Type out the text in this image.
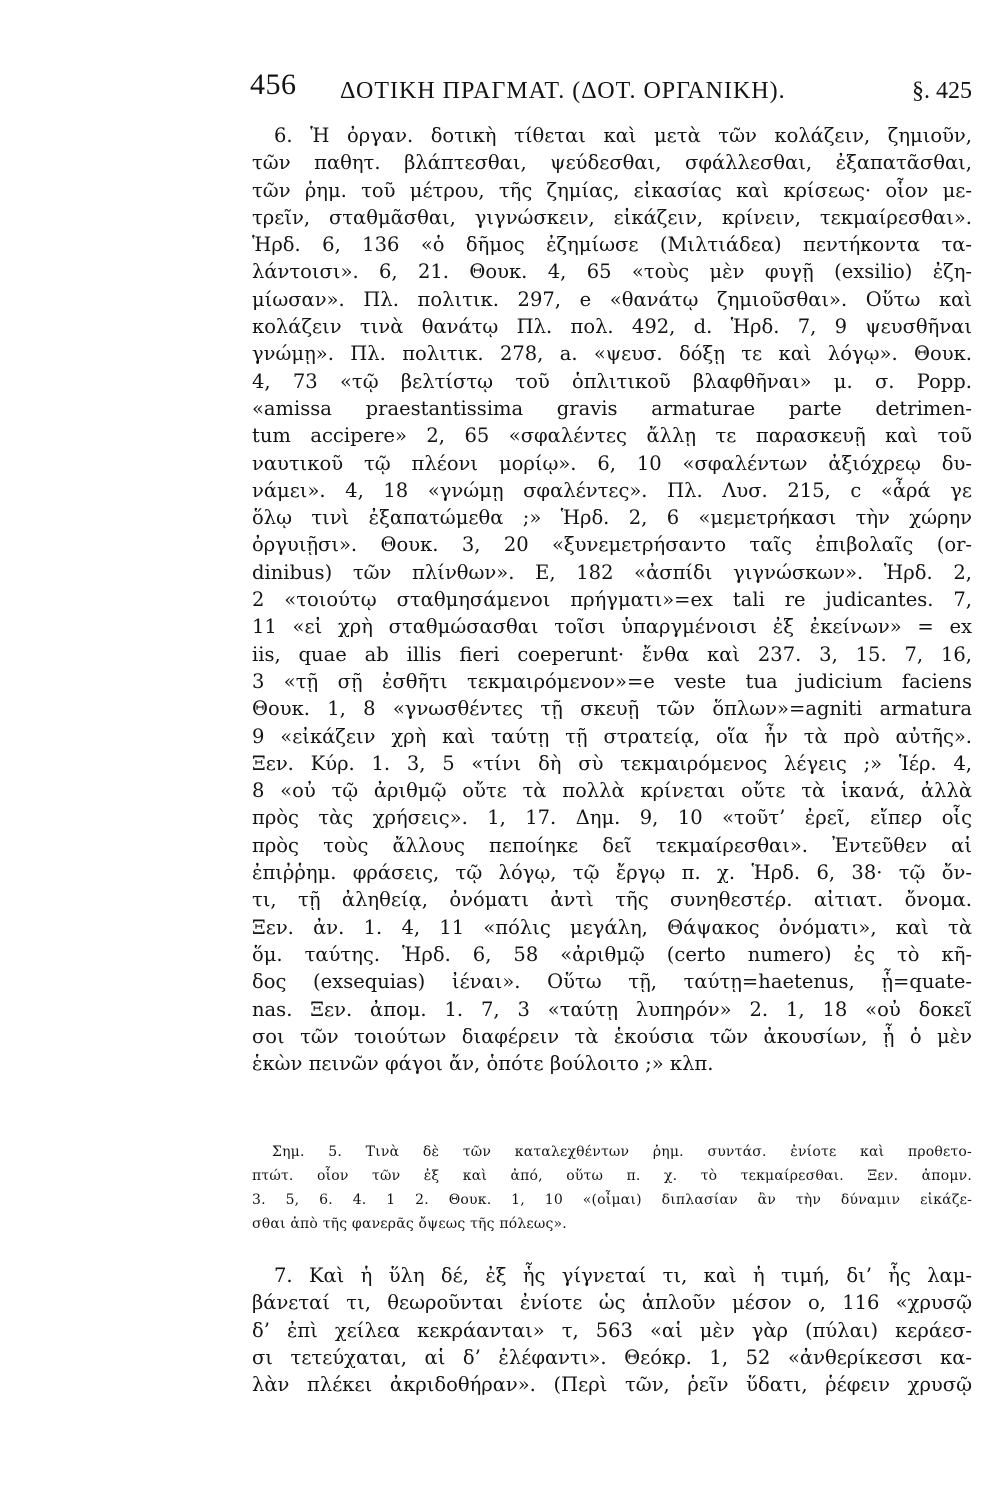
456 ΔΟΤΙΚΗ ΠΡΑΓΜΑΤ. (ΔΟΤ. ΟΡΓΑΝΙΚΗ).	§. 425
6. Ἡ ὀργαν. δοτικὴ τίθεται καὶ μετὰ τῶν κολάζειν, ζημιοῦν,
τῶν παθητ. βλάπτεσθαι, ψεύδεσθαι, σφάλλεσθαι, ἐξαπατᾶσθαι,
τῶν ῥημ. τοῦ μέτρου, τῆς ζημίας, εἰκασίας καὶ κρίσεως· οἷον με-
τρεῖν, σταθμᾶσθαι, γιγνώσκειν, εἰκάζειν, κρίνειν, τεκμαίρεσθαι».
Ἡρδ. 6, 136 «ὁ δῆμος ἐζημίωσε (Μιλτιάδεα) πεντήκοντα τα-
λάντοισι». 6, 21. Θουκ. 4, 65 «τοὺς μὲν φυγῇ (exsilio) ἐζη-
μίωσαν». Πλ. πολιτικ. 297, e «θανάτῳ ζημιοῦσθαι». Οὕτω καὶ
κολάζειν τινὰ θανάτῳ Πλ. πολ. 492, d. Ἡρδ. 7, 9 ψευσθῆναι
γνώμῃ». Πλ. πολιτικ. 278, a. «ψευσ. δόξῃ τε καὶ λόγῳ». Θουκ.
4, 73 «τῷ βελτίστῳ τοῦ ὁπλιτικοῦ βλαφθῆναι» μ. σ. Popp.
«amissa praestantissima gravis armaturae parte detrimen-
tum accipere» 2, 65 «σφαλέντες ἄλλῃ τε παρασκευῇ καὶ τοῦ
ναυτικοῦ τῷ πλέονι μορίῳ». 6, 10 «σφαλέντων ἀξιόχρεῳ δυ-
νάμει». 4, 18 «γνώμῃ σφαλέντες». Πλ. Λυσ. 215, c «ἆρά γε
ὅλῳ τινὶ ἐξαπατώμεθα ;» Ἡρδ. 2, 6 «μεμετρήκασι τὴν χώρην
ὀργυιῇσι». Θουκ. 3, 20 «ξυνεμετρήσαντο ταῖς ἐπιβολαῖς (or-
dinibus) τῶν πλίνθων». Ε, 182 «ἀσπίδι γιγνώσκων». Ἡρδ. 2,
2 «τοιούτῳ σταθμησάμενοι πρήγματι»=ex tali re judicantes. 7,
11 «εἰ χρὴ σταθμώσασθαι τοῖσι ὑπαργμένοισι ἐξ ἐκείνων» = ex
iis, quae ab illis fieri coeperunt· ἔνθα καὶ 237. 3, 15. 7, 16,
3 «τῇ σῇ ἐσθῆτι τεκμαιρόμενον»=e veste tua judicium faciens
Θουκ. 1, 8 «γνωσθέντες τῇ σκευῇ τῶν ὅπλων»=agniti armatura
9 «εἰκάζειν χρὴ καὶ ταύτῃ τῇ στρατείᾳ, οἵα ἦν τὰ πρὸ αὐτῆς».
Ξεν. Κύρ. 1. 3, 5 «τίνι δὴ σὺ τεκμαιρόμενος λέγεις ;» Ἱέρ. 4,
8 «οὐ τῷ ἀριθμῷ οὔτε τὰ πολλὰ κρίνεται οὔτε τὰ ἱκανά, ἀλλὰ
πρὸς τὰς χρήσεις». 1, 17. Δημ. 9, 10 «τοῦτ’ ἐρεῖ, εἴπερ οἷς
πρὸς τοὺς ἄλλους πεποίηκε δεῖ τεκμαίρεσθαι». Ἐντεῦθεν αἱ
ἐπιῤῥημ. φράσεις, τῷ λόγῳ, τῷ ἔργῳ π. χ. Ἡρδ. 6, 38· τῷ ὄν-
τι, τῇ ἀληθείᾳ, ὀνόματι ἀντὶ τῆς συνηθεστέρ. αἰτιατ. ὄνομα.
Ξεν. ἀν. 1. 4, 11 «πόλις μεγάλη, Θάψακος ὀνόματι», καὶ τὰ
ὅμ. ταύτης. Ἡρδ. 6, 58 «ἀριθμῷ (certo numero) ἐς τὸ κῆ-
δος (exsequias) ἰέναι». Οὕτω τῇ, ταύτῃ=haetenus, ᾗ=quate-
nas. Ξεν. ἀπομ. 1. 7, 3 «ταύτῃ λυπηρόν» 2. 1, 18 «οὐ δοκεῖ
σοι τῶν τοιούτων διαφέρειν τὰ ἑκούσια τῶν ἀκουσίων, ᾗ ὁ μὲν
ἑκὼν πεινῶν φάγοι ἄν, ὁπότε βούλοιτο ;» κλπ.
Σημ. 5. Τινὰ δὲ τῶν καταλεχθέντων ῥημ. συντάσ. ἐνίοτε καὶ προθετο-
πτώτ. οἷον τῶν ἐξ καὶ ἀπό, οὕτω π. χ. τὸ τεκμαίρεσθαι. Ξεν. ἀπομν.
3. 5, 6. 4. 1 2. Θουκ. 1, 10 «(οἶμαι) διπλασίαν ἂν τὴν δύναμιν εἰκάζε-
σθαι ἀπὸ τῆς φανερᾶς ὄψεως τῆς πόλεως».
7. Καὶ ἡ ὕλη δέ, ἐξ ἧς γίγνεταί τι, καὶ ἡ τιμή, δι’ ἧς λαμ-
βάνεταί τι, θεωροῦνται ἐνίοτε ὡς ἁπλοῦν μέσον ο, 116 «χρυσῷ
δ’ ἐπὶ χείλεα κεκράανται» τ, 563 «αἱ μὲν γὰρ (πύλαι) κεράεσ-
σι τετεύχαται, αἱ δ’ ἐλέφαντι». Θεόκρ. 1, 52 «ἀνθερίκεσσι κα-
λὰν πλέκει ἀκριδοθήραν». (Περὶ τῶν, ῥεῖν ὕδατι, ῥέφειν χρυσῷ
